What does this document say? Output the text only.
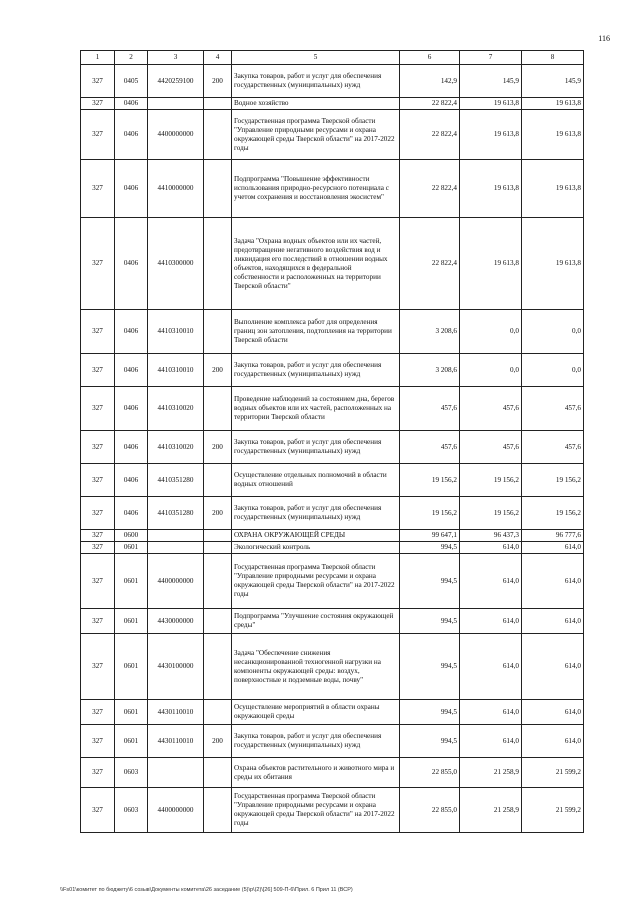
116
1	2	3	4	5	6	7	8
327	0405	4420259100	200	Закупка товаров, работ и услуг для обеспечения государственных (муниципальных) нужд	142,9	145,9	145,9
327	0406			Водное хозяйство	22 822,4	19 613,8	19 613,8
327	0406	4400000000		Государственная программа Тверской области "Управление природными ресурсами и охрана окружающей среды Тверской области" на 2017-2022 годы	22 822,4	19 613,8	19 613,8
327	0406	4410000000		Подпрограмма "Повышение эффективности использования природно-ресурсного потенциала с учетом сохранения и восстановления экосистем"	22 822,4	19 613,8	19 613,8
327	0406	4410300000		Задача "Охрана водных объектов или их частей, предотвращение негативного воздействия вод и ликвидация его последствий в отношении водных объектов, находящихся в федеральной собственности и расположенных на территории Тверской области"	22 822,4	19 613,8	19 613,8
327	0406	4410310010		Выполнение комплекса работ для определения границ зон затопления, подтопления на территории Тверской области	3 208,6	0,0	0,0
327	0406	4410310010	200	Закупка товаров, работ и услуг для обеспечения государственных (муниципальных) нужд	3 208,6	0,0	0,0
327	0406	4410310020		Проведение наблюдений за состоянием дна, берегов водных объектов или их частей, расположенных на территории Тверской области	457,6	457,6	457,6
327	0406	4410310020	200	Закупка товаров, работ и услуг для обеспечения государственных (муниципальных) нужд	457,6	457,6	457,6
327	0406	4410351280		Осуществление отдельных полномочий в области водных отношений	19 156,2	19 156,2	19 156,2
327	0406	4410351280	200	Закупка товаров, работ и услуг для обеспечения государственных (муниципальных) нужд	19 156,2	19 156,2	19 156,2
327	0600			ОХРАНА ОКРУЖАЮЩЕЙ СРЕДЫ	99 647,1	96 437,3	96 777,6
327	0601			Экологический контроль	994,5	614,0	614,0
327	0601	4400000000		Государственная программа Тверской области "Управление природными ресурсами и охрана окружающей среды Тверской области" на 2017-2022 годы	994,5	614,0	614,0
327	0601	4430000000		Подпрограмма "Улучшение состояния окружающей среды"	994,5	614,0	614,0
327	0601	4430100000		Задача "Обеспечение снижения несанкционированной техногенной нагрузки на компоненты окружающей среды: воздух, поверхностные и подземные воды, почву"	994,5	614,0	614,0
327	0601	4430110010		Осуществление мероприятий в области охраны окружающей среды	994,5	614,0	614,0
327	0601	4430110010	200	Закупка товаров, работ и услуг для обеспечения государственных (муниципальных) нужд	994,5	614,0	614,0
327	0603			Охрана объектов растительного и животного мира и среды их обитания	22 855,0	21 258,9	21 599,2
327	0603	4400000000		Государственная программа Тверской области "Управление природными ресурсами и охрана окружающей среды Тверской области" на 2017-2022 годы	22 855,0	21 258,9	21 599,2
\\Fs01\комитет по бюджету\6 созыв\Документы комитета\26 заседание (5)\р\(2)\[26] 509-П-6\Прил. 6 Прил 11 (ВСР)
